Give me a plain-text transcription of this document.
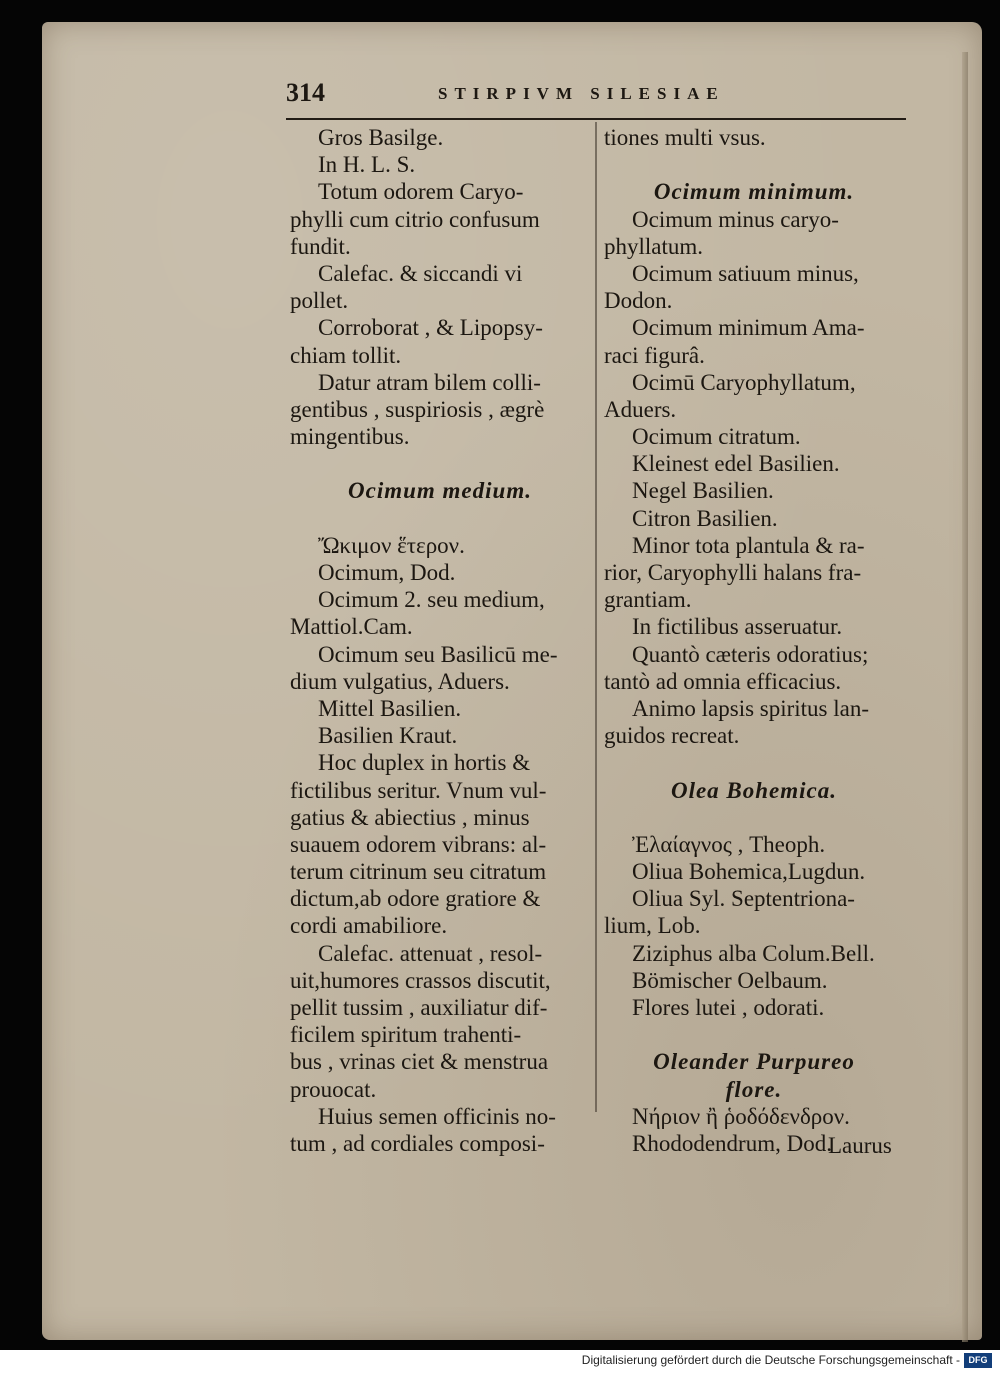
314	STIRPIVM SILESIAE
Gros Basilge.
In H. L. S.
Totum odorem Caryo-
phylli cum citrio confusum
fundit.
Calefac. & siccandi vi
pollet.
Corroborat , & Lipopsy-
chiam tollit.
Datur atram bilem colli-
gentibus , suspiriosis , ægrè
mingentibus.
Ocimum medium.
Ὤκιμον ἕτερον.
Ocimum, Dod.
Ocimum 2. seu medium,
Mattiol.Cam.
Ocimum seu Basilicū me-
dium vulgatius, Aduers.
Mittel Basilien.
Basilien Kraut.
Hoc duplex in hortis &
fictilibus seritur. Vnum vul-
gatius & abiectius , minus
suauem odorem vibrans: al-
terum citrinum seu citratum
dictum,ab odore gratiore &
cordi amabiliore.
Calefac. attenuat , resol-
uit,humores crassos discutit,
pellit tussim , auxiliatur dif-
ficilem spiritum trahenti-
bus , vrinas ciet & menstrua
prouocat.
Huius semen officinis no-
tum , ad cordiales composi-
tiones multi vsus.
Ocimum minimum.
Ocimum minus caryo-
phyllatum.
Ocimum satiuum minus,
Dodon.
Ocimum minimum Ama-
raci figurâ.
Ocimū Caryophyllatum,
Aduers.
Ocimum citratum.
Kleinest edel Basilien.
Negel Basilien.
Citron Basilien.
Minor tota plantula & ra-
rior, Caryophylli halans fra-
grantiam.
In fictilibus asseruatur.
Quantò cæteris odoratius;
tantò ad omnia efficacius.
Animo lapsis spiritus lan-
guidos recreat.
Olea Bohemica.
Ἐλαίαγνος , Theoph.
Oliua Bohemica,Lugdun.
Oliua Syl. Septentriona-
lium, Lob.
Ziziphus alba Colum.Bell.
Bömischer Oelbaum.
Flores lutei , odorati.
Oleander Purpureo
flore.
Νήριον ἢ ῥοδόδενδρον.
Rhododendrum, Dod.
Laurus
Digitalisierung gefördert durch die Deutsche Forschungsgemeinschaft - DFG
